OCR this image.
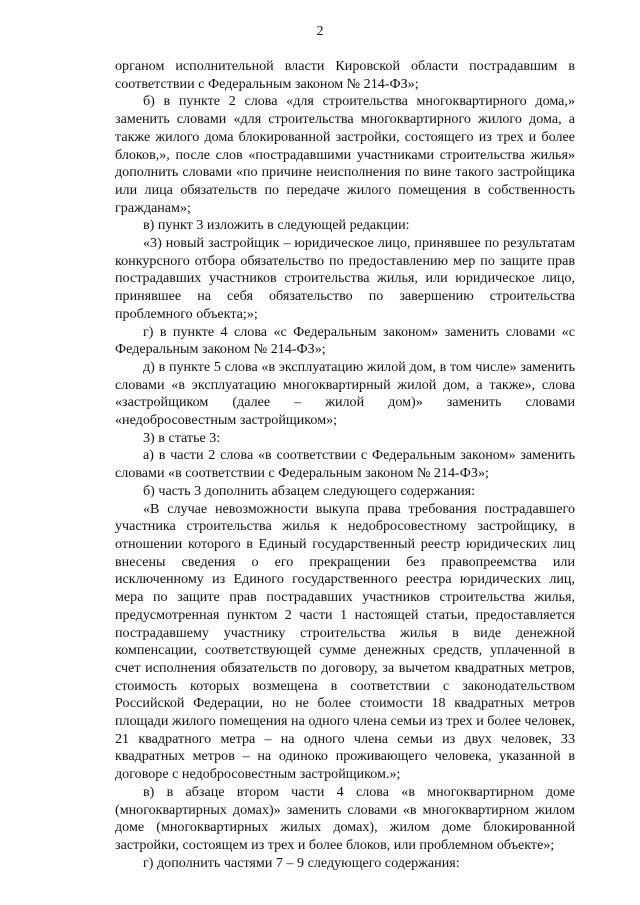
2

органом исполнительной власти Кировской области пострадавшим в соответствии с Федеральным законом № 214-ФЗ»;

б) в пункте 2 слова «для строительства многоквартирного дома,» заменить словами «для строительства многоквартирного жилого дома, а также жилого дома блокированной застройки, состоящего из трех и более блоков,», после слов «пострадавшими участниками строительства жилья» дополнить словами «по причине неисполнения по вине такого застройщика или лица обязательств по передаче жилого помещения в собственность гражданам»;

в) пункт 3 изложить в следующей редакции:

«3) новый застройщик – юридическое лицо, принявшее по результатам конкурсного отбора обязательство по предоставлению мер по защите прав пострадавших участников строительства жилья, или юридическое лицо, принявшее на себя обязательство по завершению строительства проблемного объекта;»;

г) в пункте 4 слова «с Федеральным законом» заменить словами «с Федеральным законом № 214-ФЗ»;

д) в пункте 5 слова «в эксплуатацию жилой дом, в том числе» заменить словами «в эксплуатацию многоквартирный жилой дом, а также», слова «застройщиком (далее – жилой дом)» заменить словами «недобросовестным застройщиком»;

3) в статье 3:

а) в части 2 слова «в соответствии с Федеральным законом» заменить словами «в соответствии с Федеральным законом № 214-ФЗ»;

б) часть 3 дополнить абзацем следующего содержания:

«В случае невозможности выкупа права требования пострадавшего участника строительства жилья к недобросовестному застройщику, в отношении которого в Единый государственный реестр юридических лиц внесены сведения о его прекращении без правопреемства или исключенному из Единого государственного реестра юридических лиц, мера по защите прав пострадавших участников строительства жилья, предусмотренная пунктом 2 части 1 настоящей статьи, предоставляется пострадавшему участнику строительства жилья в виде денежной компенсации, соответствующей сумме денежных средств, уплаченной в счет исполнения обязательств по договору, за вычетом квадратных метров, стоимость которых возмещена в соответствии с законодательством Российской Федерации, но не более стоимости 18 квадратных метров площади жилого помещения на одного члена семьи из трех и более человек, 21 квадратного метра – на одного члена семьи из двух человек, 33 квадратных метров – на одиноко проживающего человека, указанной в договоре с недобросовестным застройщиком.»;

в) в абзаце втором части 4 слова «в многоквартирном доме (многоквартирных домах)» заменить словами «в многоквартирном жилом доме (многоквартирных жилых домах), жилом доме блокированной застройки, состоящем из трех и более блоков, или проблемном объекте»;

г) дополнить частями 7 – 9 следующего содержания:
